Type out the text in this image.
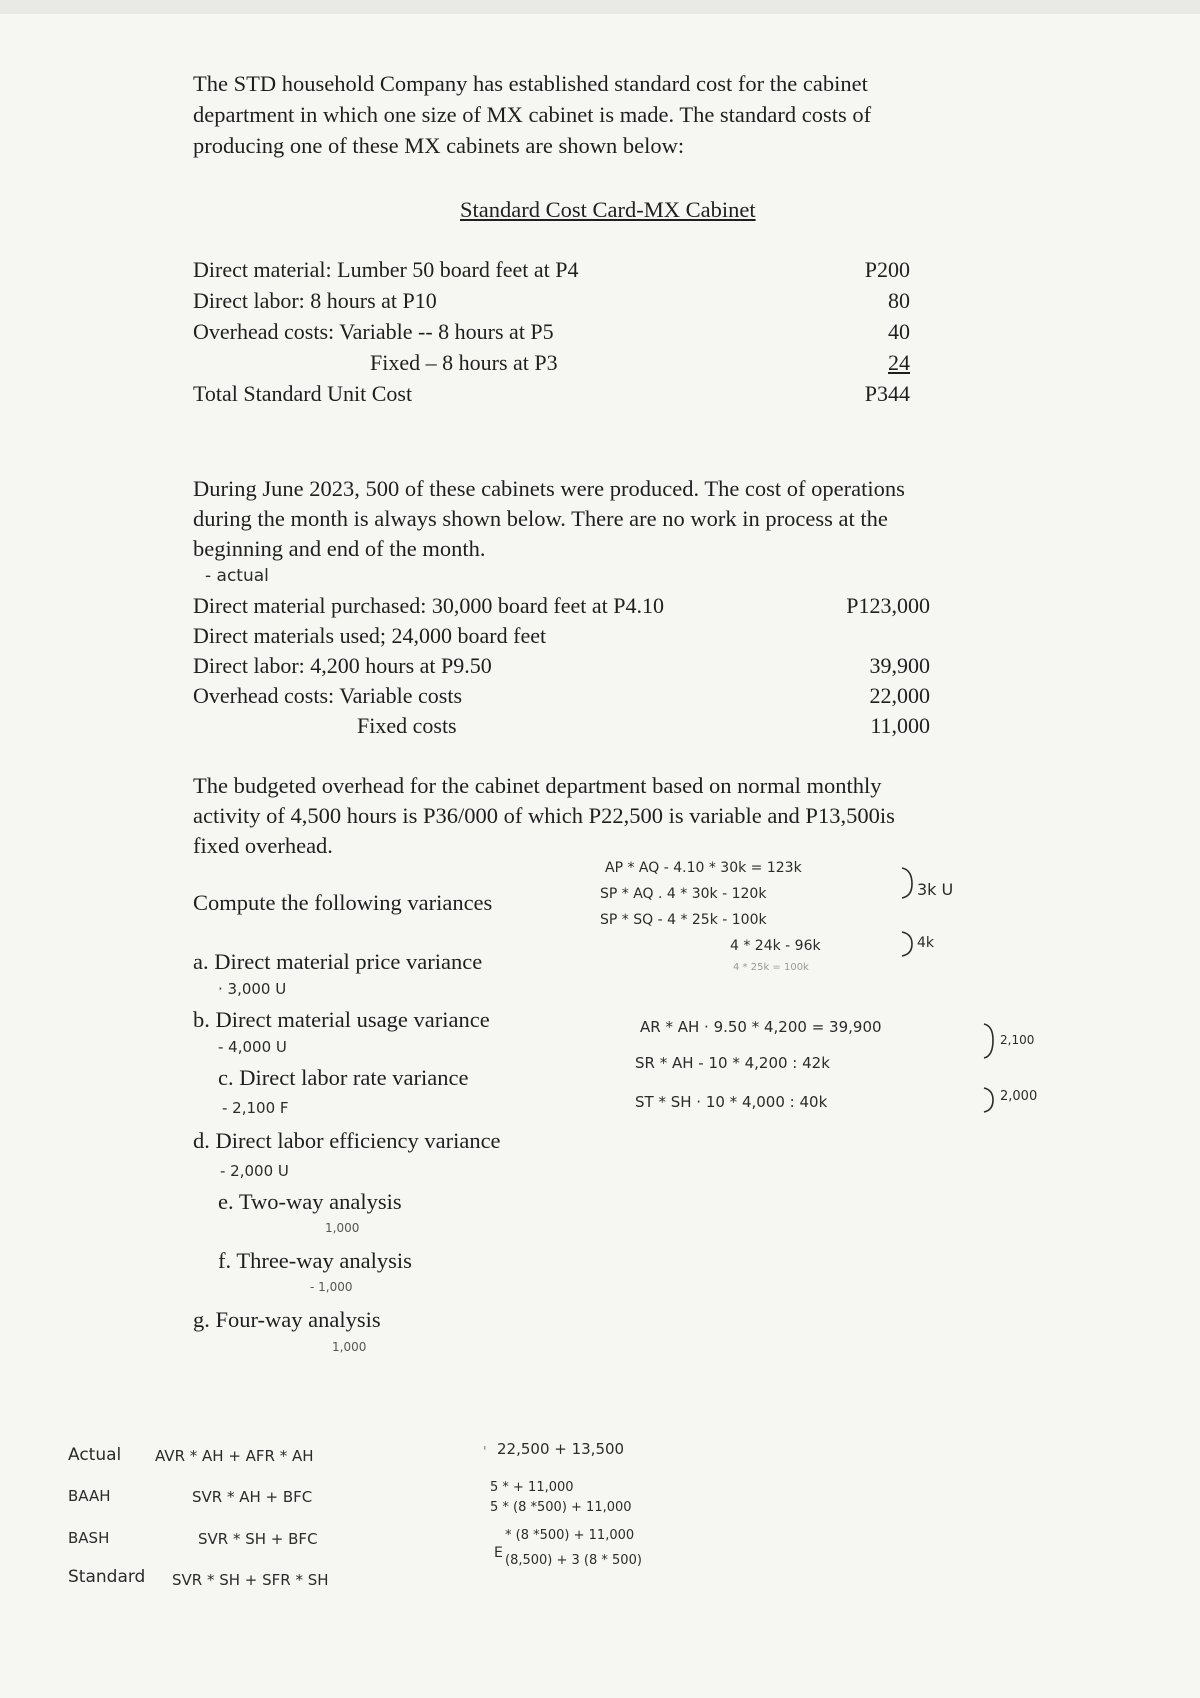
The STD household Company has established standard cost for the cabinet
department in which one size of MX cabinet is made. The standard costs of
producing one of these MX cabinets are shown below:
Standard Cost Card-MX Cabinet
Direct material: Lumber 50 board feet at P4	P200
Direct labor: 8 hours at P10	80
Overhead costs: Variable -- 8 hours at P5	40
Fixed – 8 hours at P3	24
Total Standard Unit Cost	P344
During June 2023, 500 of these cabinets were produced. The cost of operations
during the month is always shown below. There are no work in process at the
beginning and end of the month.
- actual
Direct material purchased: 30,000 board feet at P4.10	P123,000
Direct materials used; 24,000 board feet
Direct labor: 4,200 hours at P9.50	39,900
Overhead costs: Variable costs	22,000
Fixed costs	11,000
The budgeted overhead for the cabinet department based on normal monthly
activity of 4,500 hours is P36/000 of which P22,500 is variable and P13,500is
fixed overhead.
Compute the following variances
a. Direct material price variance
· 3,000 U
b. Direct material usage variance
- 4,000 U
c. Direct labor rate variance
- 2,100 F
d. Direct labor efficiency variance
- 2,000 U
e. Two-way analysis
1,000
f. Three-way analysis
- 1,000
g. Four-way analysis
1,000
AP * AQ - 4.10 * 30k = 123k
SP * AQ . 4 * 30k - 120k
SP * SQ - 4 * 25k - 100k
4 * 24k - 96k
4 * 25k = 100k
3k U
4k
AR * AH · 9.50 * 4,200 = 39,900
SR * AH - 10 * 4,200 : 42k
ST * SH · 10 * 4,000 : 40k
2,100
2,000
Actual
BAAH
BASH
Standard
AVR * AH + AFR * AH
SVR * AH + BFC
SVR * SH + BFC
SVR * SH + SFR * SH
22,500 + 13,500
5 * + 11,000
5 * (8 *500) + 11,000
* (8 *500) + 11,000
(8,500) + 3 (8 * 500)
'
E
